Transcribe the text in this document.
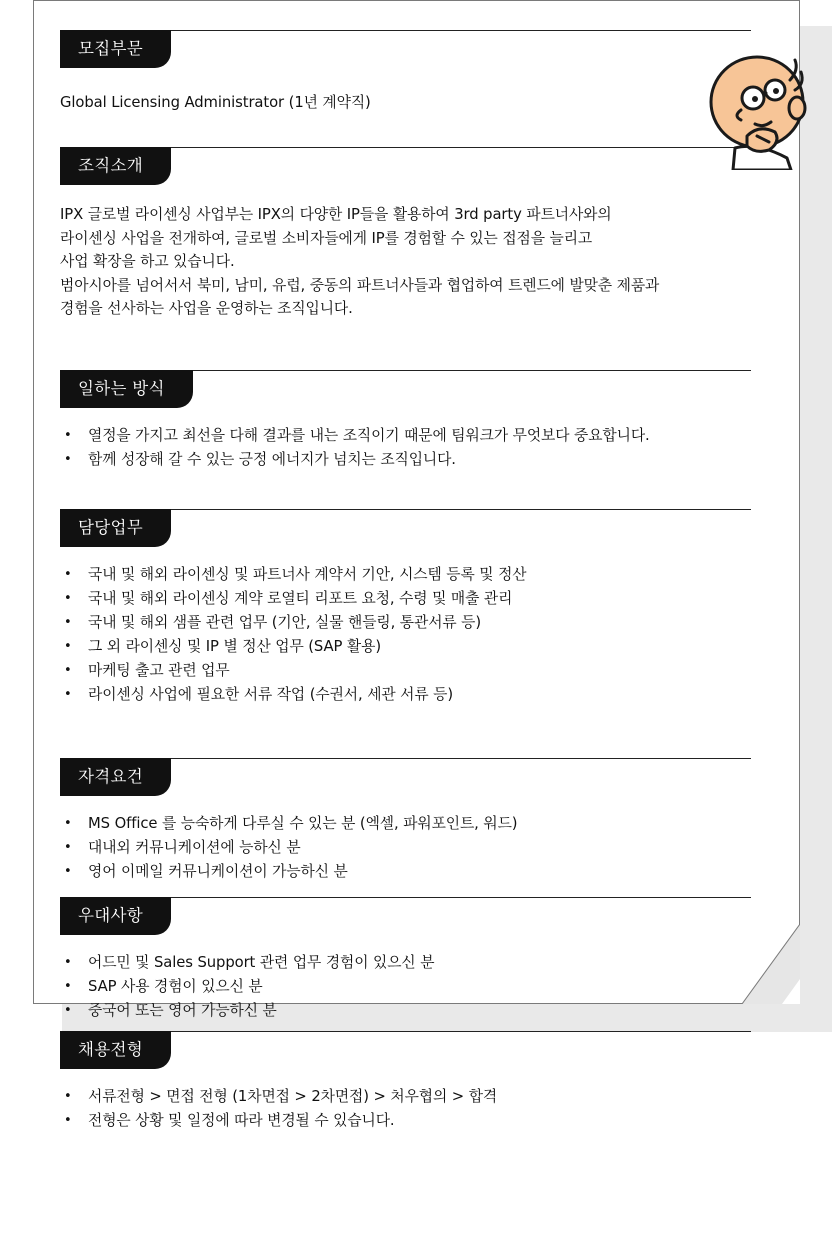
모집부문

Global Licensing Administrator (1년 계약직)

조직소개

IPX 글로벌 라이센싱 사업부는 IPX의 다양한 IP들을 활용하여 3rd party 파트너사와의

라이센싱 사업을 전개하여, 글로벌 소비자들에게 IP를 경험할 수 있는 접점을 늘리고

사업 확장을 하고 있습니다.

범아시아를 넘어서서 북미, 남미, 유럽, 중동의 파트너사들과 협업하여 트렌드에 발맞춘 제품과

경험을 선사하는 사업을 운영하는 조직입니다.

일하는 방식
• 열정을 가지고 최선을 다해 결과를 내는 조직이기 때문에 팀워크가 무엇보다 중요합니다.
• 함께 성장해 갈 수 있는 긍정 에너지가 넘치는 조직입니다.
담당업무
• 국내 및 해외 라이센싱 및 파트너사 계약서 기안, 시스템 등록 및 정산
• 국내 및 해외 라이센싱 계약 로열티 리포트 요청, 수령 및 매출 관리
• 국내 및 해외 샘플 관련 업무 (기안, 실물 핸들링, 통관서류 등)
• 그 외 라이센싱 및 IP 별 정산 업무 (SAP 활용)
• 마케팅 출고 관련 업무
• 라이센싱 사업에 필요한 서류 작업 (수권서, 세관 서류 등)
자격요건
• MS Office 를 능숙하게 다루실 수 있는 분 (엑셀, 파워포인트, 워드)
• 대내외 커뮤니케이션에 능하신 분
• 영어 이메일 커뮤니케이션이 가능하신 분
우대사항
• 어드민 및 Sales Support 관련 업무 경험이 있으신 분
• SAP 사용 경험이 있으신 분
• 중국어 또는 영어 가능하신 분
채용전형
• 서류전형 > 면접 전형 (1차면접 > 2차면접) > 처우협의 > 합격
• 전형은 상황 및 일정에 따라 변경될 수 있습니다.
